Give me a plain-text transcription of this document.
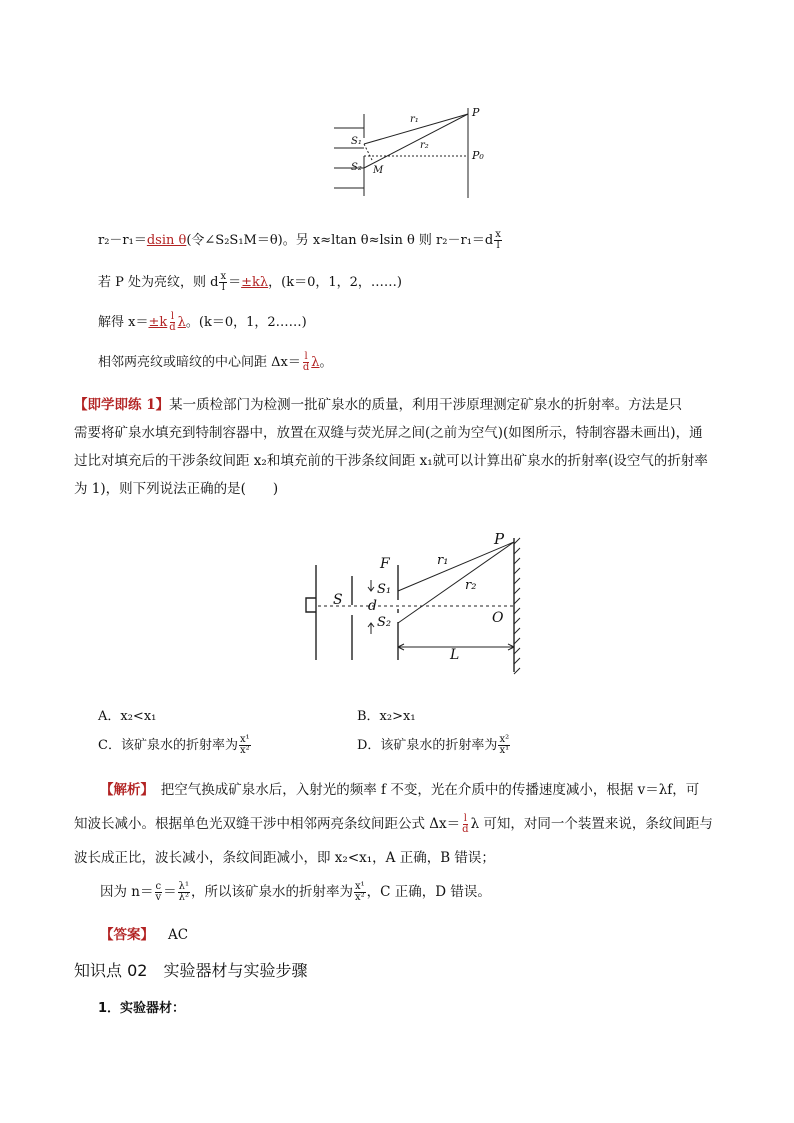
P
P₀
r₁
r₂
S₁
S₂ M
r₂－r₁＝dsin θ(令∠S₂S₁M＝θ)。另 x≈ltan θ≈lsin θ 则 $r_2-r_1=d \frac{x}{l}$
若 P 处为亮纹，则 d $\frac{x}{l} =\pm k\lambda$，(k＝0，1，2，……)
解得 $x=\pm k \frac{l}{d}$ λ。(k＝0，1，2……)
相邻两亮纹或暗纹的中心间距 $\Delta x= \frac{l}{d}$ λ。
【即学即练 1】某一质检部门为检测一批矿泉水的质量，利用干涉原理测定矿泉水的折射率。方法是只
需要将矿泉水填充到特制容器中，放置在双缝与荧光屏之间(之前为空气)(如图所示，特制容器未画出)，通
过比对填充后的干涉条纹间距 x₂和填充前的干涉条纹间距 x₁就可以计算出矿泉水的折射率(设空气的折射率
为 1)，则下列说法正确的是(　　)
P
F	r₁
r₂
S
S₁
d
S₂	O
L
A．x₂<x₁	B．x₂>x₁
C．该矿泉水的折射率为 $\frac{\text{x¹}}{\text{x²}}$	D．该矿泉水的折射率为 $\frac{\text{x²}}{\text{x¹}}$
【解析】　把空气换成矿泉水后，入射光的频率 f 不变，光在介质中的传播速度减小，根据 v＝λf，可
知波长减小。根据单色光双缝干涉中相邻两亮条纹间距公式 $\Delta x= \frac{l}{d}$ λ 可知，对同一个装置来说，条纹间距与
波长成正比，波长减小，条纹间距减小，即 x₂<x₁，A 正确，B 错误；
因为 $n= \frac{c}{v} = \frac{\text{λ¹}}{\text{λ²}}$ ，所以该矿泉水的折射率为 $\frac{\text{x¹}}{\text{x²}}$ ，C 正确，D 错误。
【答案】 AC
知识点 02　实验器材与实验步骤
1．实验器材：
